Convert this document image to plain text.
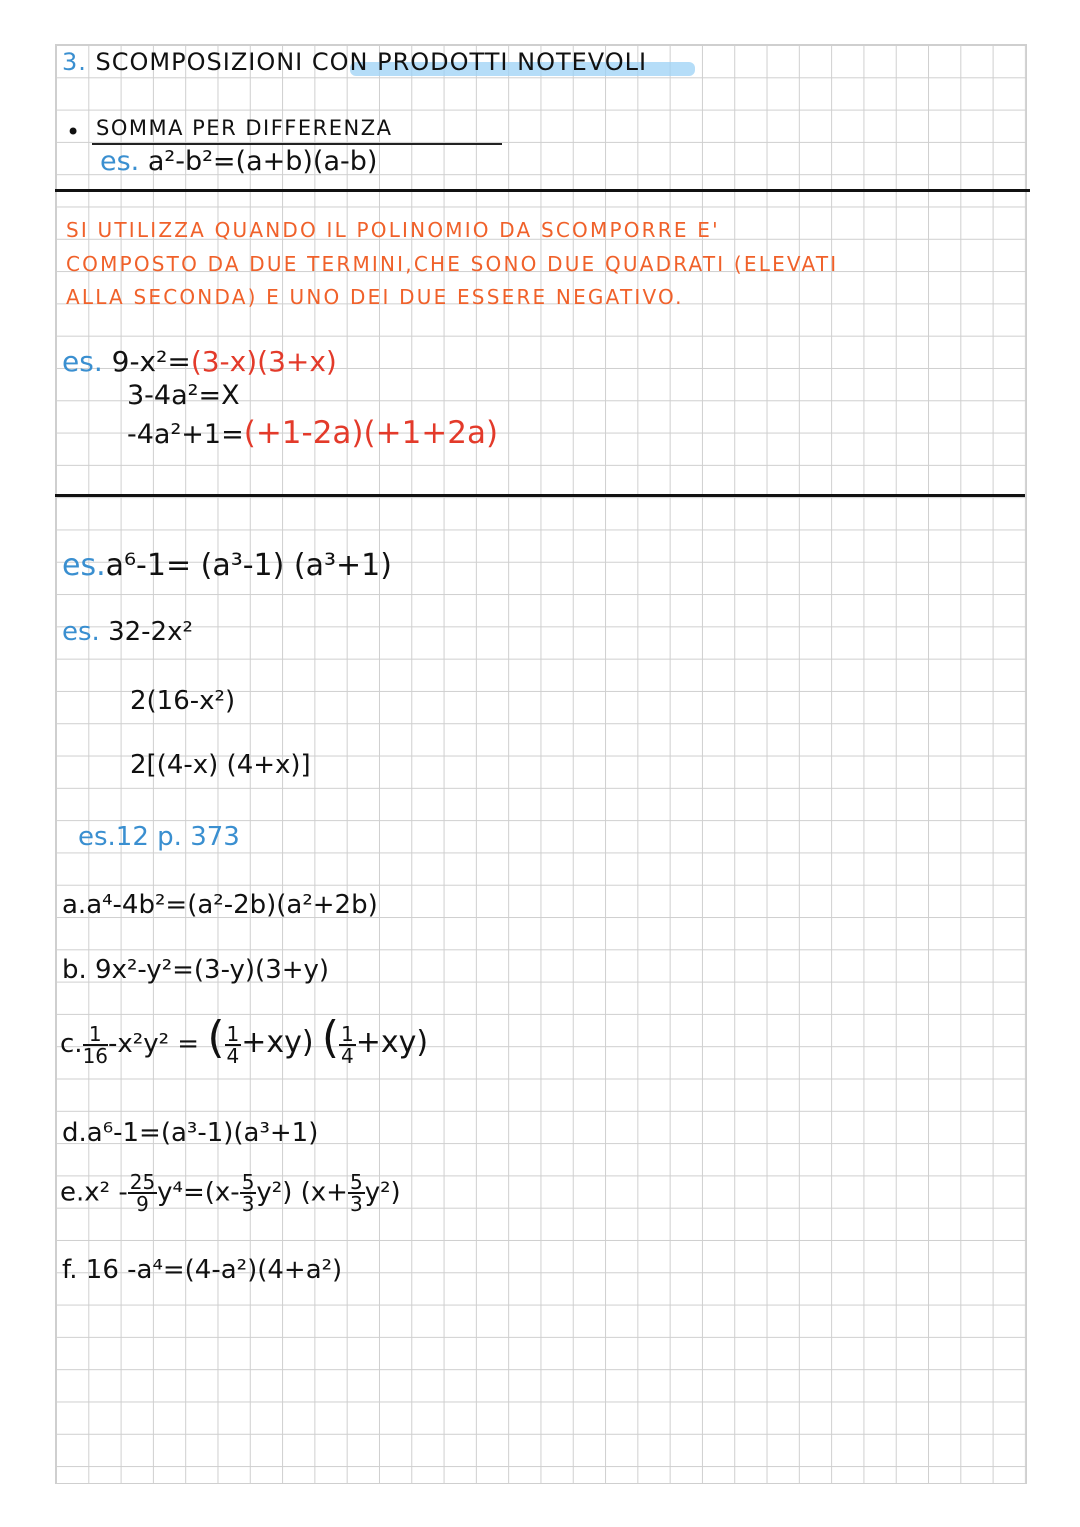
3. SCOMPOSIZIONI CON PRODOTTI NOTEVOLI
• SOMMA PER DIFFERENZA
es. a²-b²=(a+b)(a-b)
SI UTILIZZA QUANDO IL POLINOMIO DA SCOMPORRE E'
COMPOSTO DA DUE TERMINI,CHE SONO DUE QUADRATI (ELEVATI
ALLA SECONDA) E UNO DEI DUE ESSERE NEGATIVO.
es. 9-x²=(3-x)(3+x)
3-4a²=X
-4a²+1=(+1-2a)(+1+2a)
es.a⁶-1= (a³-1) (a³+1)
es. 32-2x²
2(16-x²)
2[(4-x) (4+x)]
es.12 p. 373
a.a⁴-4b²=(a²-2b)(a²+2b)
b. 9x²-y²=(3-y)(3+y)
c. $\frac{1}{16} -x^2y^2$ = ( $\frac{1}{4} +xy$) ( $\frac{1}{4} +xy$)
d.a⁶-1=(a³-1)(a³+1)
$e.x^2 - \frac{25}{9} y^4=(x- \frac{5}{3} y^2)$ $(x+ \frac{5}{3} y^2)$
f. 16 -a⁴=(4-a²)(4+a²)
